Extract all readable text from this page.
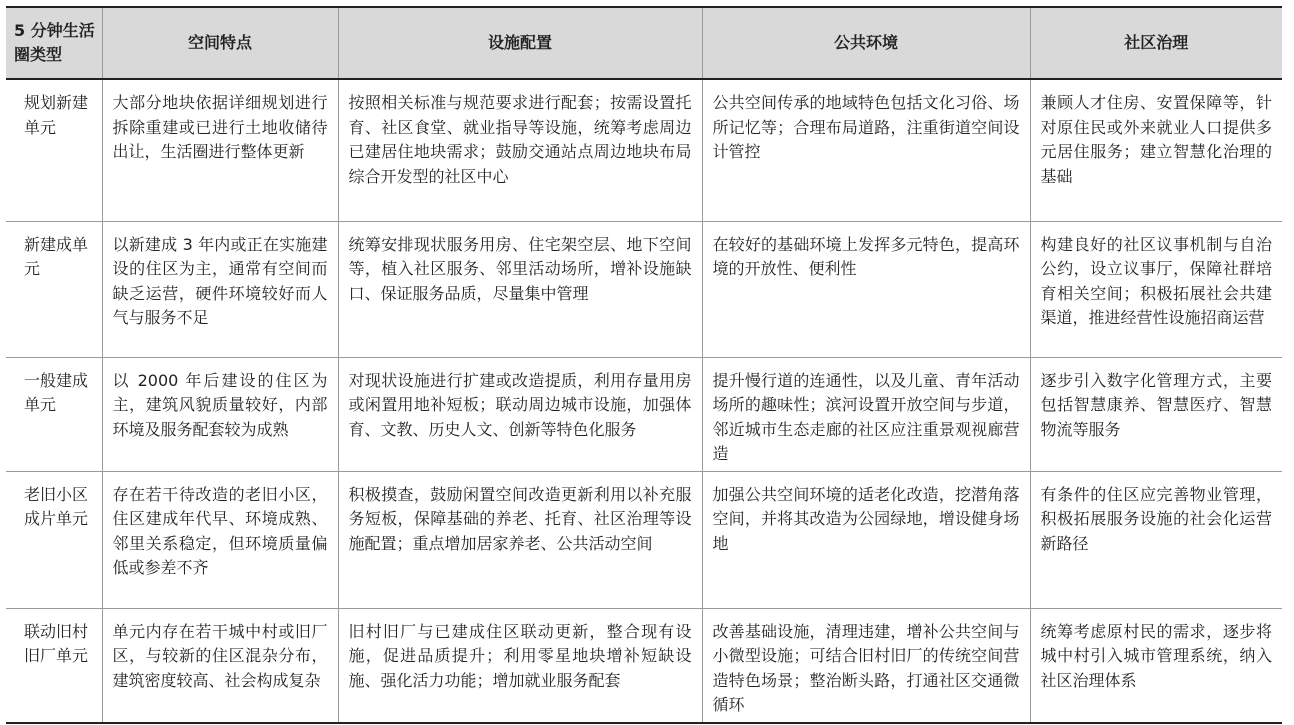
5 分钟生活圈类型	空间特点	设施配置	公共环境	社区治理
规划新建单元	大部分地块依据详细规划进行拆除重建或已进行土地收储待出让，生活圈进行整体更新	按照相关标准与规范要求进行配套；按需设置托育、社区食堂、就业指导等设施，统筹考虑周边已建居住地块需求；鼓励交通站点周边地块布局综合开发型的社区中心	公共空间传承的地域特色包括文化习俗、场所记忆等；合理布局道路，注重街道空间设计管控	兼顾人才住房、安置保障等，针对原住民或外来就业人口提供多元居住服务；建立智慧化治理的基础
新建成单元	以新建成 3 年内或正在实施建设的住区为主，通常有空间而缺乏运营，硬件环境较好而人气与服务不足	统筹安排现状服务用房、住宅架空层、地下空间等，植入社区服务、邻里活动场所，增补设施缺口、保证服务品质，尽量集中管理	在较好的基础环境上发挥多元特色，提高环境的开放性、便利性	构建良好的社区议事机制与自治公约，设立议事厅，保障社群培育相关空间；积极拓展社会共建渠道，推进经营性设施招商运营
一般建成单元	以 2000 年后建设的住区为主，建筑风貌质量较好，内部环境及服务配套较为成熟	对现状设施进行扩建或改造提质，利用存量用房或闲置用地补短板；联动周边城市设施，加强体育、文教、历史人文、创新等特色化服务	提升慢行道的连通性，以及儿童、青年活动场所的趣味性；滨河设置开放空间与步道，邻近城市生态走廊的社区应注重景观视廊营造	逐步引入数字化管理方式，主要包括智慧康养、智慧医疗、智慧物流等服务
老旧小区成片单元	存在若干待改造的老旧小区，住区建成年代早、环境成熟、邻里关系稳定，但环境质量偏低或参差不齐	积极摸查，鼓励闲置空间改造更新利用以补充服务短板，保障基础的养老、托育、社区治理等设施配置；重点增加居家养老、公共活动空间	加强公共空间环境的适老化改造，挖潜角落空间，并将其改造为公园绿地，增设健身场地	有条件的住区应完善物业管理，积极拓展服务设施的社会化运营新路径
联动旧村旧厂单元	单元内存在若干城中村或旧厂区，与较新的住区混杂分布，建筑密度较高、社会构成复杂	旧村旧厂与已建成住区联动更新，整合现有设施，促进品质提升；利用零星地块增补短缺设施、强化活力功能；增加就业服务配套	改善基础设施，清理违建，增补公共空间与小微型设施；可结合旧村旧厂的传统空间营造特色场景；整治断头路，打通社区交通微循环	统筹考虑原村民的需求，逐步将城中村引入城市管理系统，纳入社区治理体系
